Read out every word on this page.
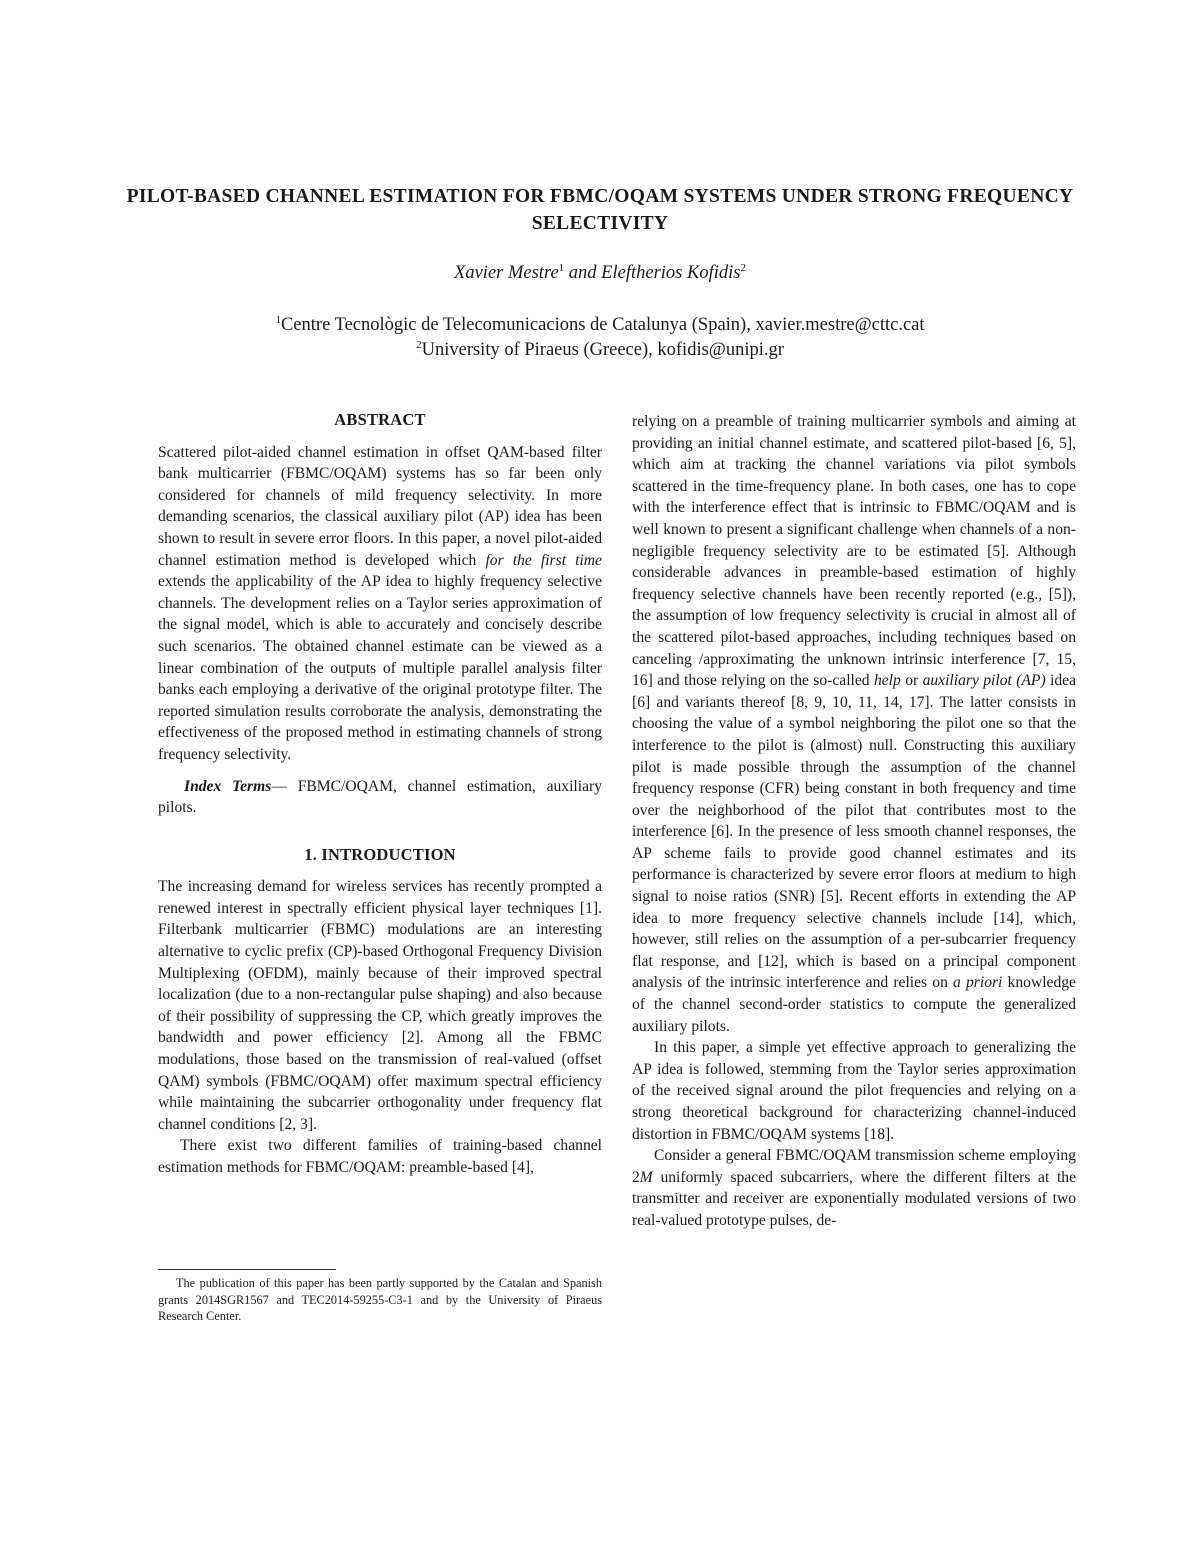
PILOT-BASED CHANNEL ESTIMATION FOR FBMC/OQAM SYSTEMS UNDER STRONG FREQUENCY SELECTIVITY
Xavier Mestre$^1$ and Eleftherios Kofidis$^2$
$^1$Centre Tecnològic de Telecomunicacions de Catalunya (Spain), xavier.mestre@cttc.cat
$^2$University of Piraeus (Greece), kofidis@unipi.gr
ABSTRACT

Scattered pilot-aided channel estimation in offset QAM-based filter bank multicarrier (FBMC/OQAM) systems has so far been only considered for channels of mild frequency selectivity. In more demanding scenarios, the classical auxiliary pilot (AP) idea has been shown to result in severe error floors. In this paper, a novel pilot-aided channel estimation method is developed which for the first time extends the applicability of the AP idea to highly frequency selective channels. The development relies on a Taylor series approximation of the signal model, which is able to accurately and concisely describe such scenarios. The obtained channel estimate can be viewed as a linear combination of the outputs of multiple parallel analysis filter banks each employing a derivative of the original prototype filter. The reported simulation results corroborate the analysis, demonstrating the effectiveness of the proposed method in estimating channels of strong frequency selectivity.

Index Terms— FBMC/OQAM, channel estimation, auxiliary pilots.

1. INTRODUCTION

The increasing demand for wireless services has recently prompted a renewed interest in spectrally efficient physical layer techniques [1]. Filterbank multicarrier (FBMC) modulations are an interesting alternative to cyclic prefix (CP)-based Orthogonal Frequency Division Multiplexing (OFDM), mainly because of their improved spectral localization (due to a non-rectangular pulse shaping) and also because of their possibility of suppressing the CP, which greatly improves the bandwidth and power efficiency [2]. Among all the FBMC modulations, those based on the transmission of real-valued (offset QAM) symbols (FBMC/OQAM) offer maximum spectral efficiency while maintaining the subcarrier orthogonality under frequency flat channel conditions [2, 3].

There exist two different families of training-based channel estimation methods for FBMC/OQAM: preamble-based [4],

The publication of this paper has been partly supported by the Catalan and Spanish grants 2014SGR1567 and TEC2014-59255-C3-1 and by the University of Piraeus Research Center.

relying on a preamble of training multicarrier symbols and aiming at providing an initial channel estimate, and scattered pilot-based [6, 5], which aim at tracking the channel variations via pilot symbols scattered in the time-frequency plane. In both cases, one has to cope with the interference effect that is intrinsic to FBMC/OQAM and is well known to present a significant challenge when channels of a non-negligible frequency selectivity are to be estimated [5]. Although considerable advances in preamble-based estimation of highly frequency selective channels have been recently reported (e.g., [5]), the assumption of low frequency selectivity is crucial in almost all of the scattered pilot-based approaches, including techniques based on canceling /approximating the unknown intrinsic interference [7, 15, 16] and those relying on the so-called help or auxiliary pilot (AP) idea [6] and variants thereof [8, 9, 10, 11, 14, 17]. The latter consists in choosing the value of a symbol neighboring the pilot one so that the interference to the pilot is (almost) null. Constructing this auxiliary pilot is made possible through the assumption of the channel frequency response (CFR) being constant in both frequency and time over the neighborhood of the pilot that contributes most to the interference [6]. In the presence of less smooth channel responses, the AP scheme fails to provide good channel estimates and its performance is characterized by severe error floors at medium to high signal to noise ratios (SNR) [5]. Recent efforts in extending the AP idea to more frequency selective channels include [14], which, however, still relies on the assumption of a per-subcarrier frequency flat response, and [12], which is based on a principal component analysis of the intrinsic interference and relies on a priori knowledge of the channel second-order statistics to compute the generalized auxiliary pilots.

In this paper, a simple yet effective approach to generalizing the AP idea is followed, stemming from the Taylor series approximation of the received signal around the pilot frequencies and relying on a strong theoretical background for characterizing channel-induced distortion in FBMC/OQAM systems [18].

Consider a general FBMC/OQAM transmission scheme employing 2M uniformly spaced subcarriers, where the different filters at the transmitter and receiver are exponentially modulated versions of two real-valued prototype pulses, de-
